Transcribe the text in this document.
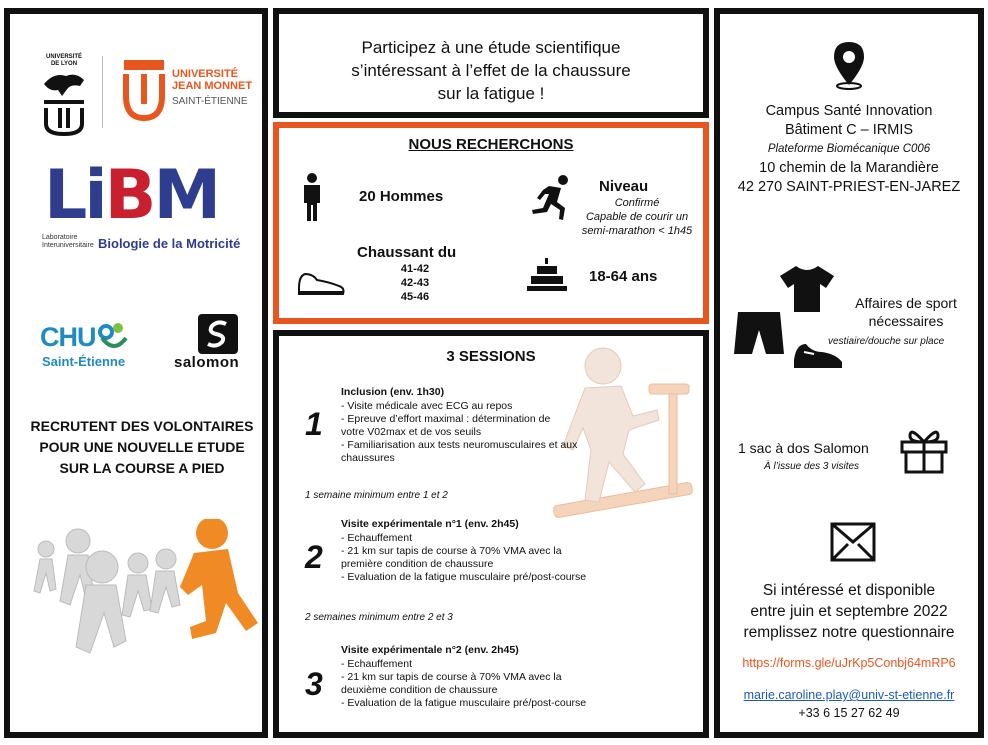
UNIVERSITÉ
DE LYON
UNIVERSITÉ JEAN MONNET
SAINT-ÉTIENNE
LiBM
Laboratoire Interuniversitaire Biologie de la Motricité
CHU
Saint-Étienne	salomon
RECRUTENT DES VOLONTAIRES
POUR UNE NOUVELLE ETUDE
SUR LA COURSE A PIED
Participez à une étude scientifique
s’intéressant à l’effet de la chaussure
sur la fatigue !
NOUS RECHERCHONS
20 Hommes
Niveau
Confirmé
Capable de courir un
semi-marathon < 1h45
Chaussant du
41-42
42-43
45-46
18-64 ans
3 SESSIONS
1
Inclusion (env. 1h30)
- Visite médicale avec ECG au repos
- Epreuve d’effort maximal : détermination de
votre V02max et de vos seuils
- Familiarisation aux tests neuromusculaires et aux
chaussures
1 semaine minimum entre 1 et 2
2
Visite expérimentale n°1 (env. 2h45)
- Echauffement
- 21 km sur tapis de course à 70% VMA avec la
première condition de chaussure
- Evaluation de la fatigue musculaire pré/post-course
2 semaines minimum entre 2 et 3
3
Visite expérimentale n°2 (env. 2h45)
- Echauffement
- 21 km sur tapis de course à 70% VMA avec la
deuxième condition de chaussure
- Evaluation de la fatigue musculaire pré/post-course
Campus Santé Innovation
Bâtiment C – IRMIS
Plateforme Biomécanique C006
10 chemin de la Marandière
42 270 SAINT-PRIEST-EN-JAREZ
Affaires de sport
nécessaires
vestiaire/douche sur place
1 sac à dos Salomon
À l’issue des 3 visites
Si intéressé et disponible
entre juin et septembre 2022
remplissez notre questionnaire
https://forms.gle/uJrKp5Conbj64mRP6
marie.caroline.play@univ-st-etienne.fr
+33 6 15 27 62 49
